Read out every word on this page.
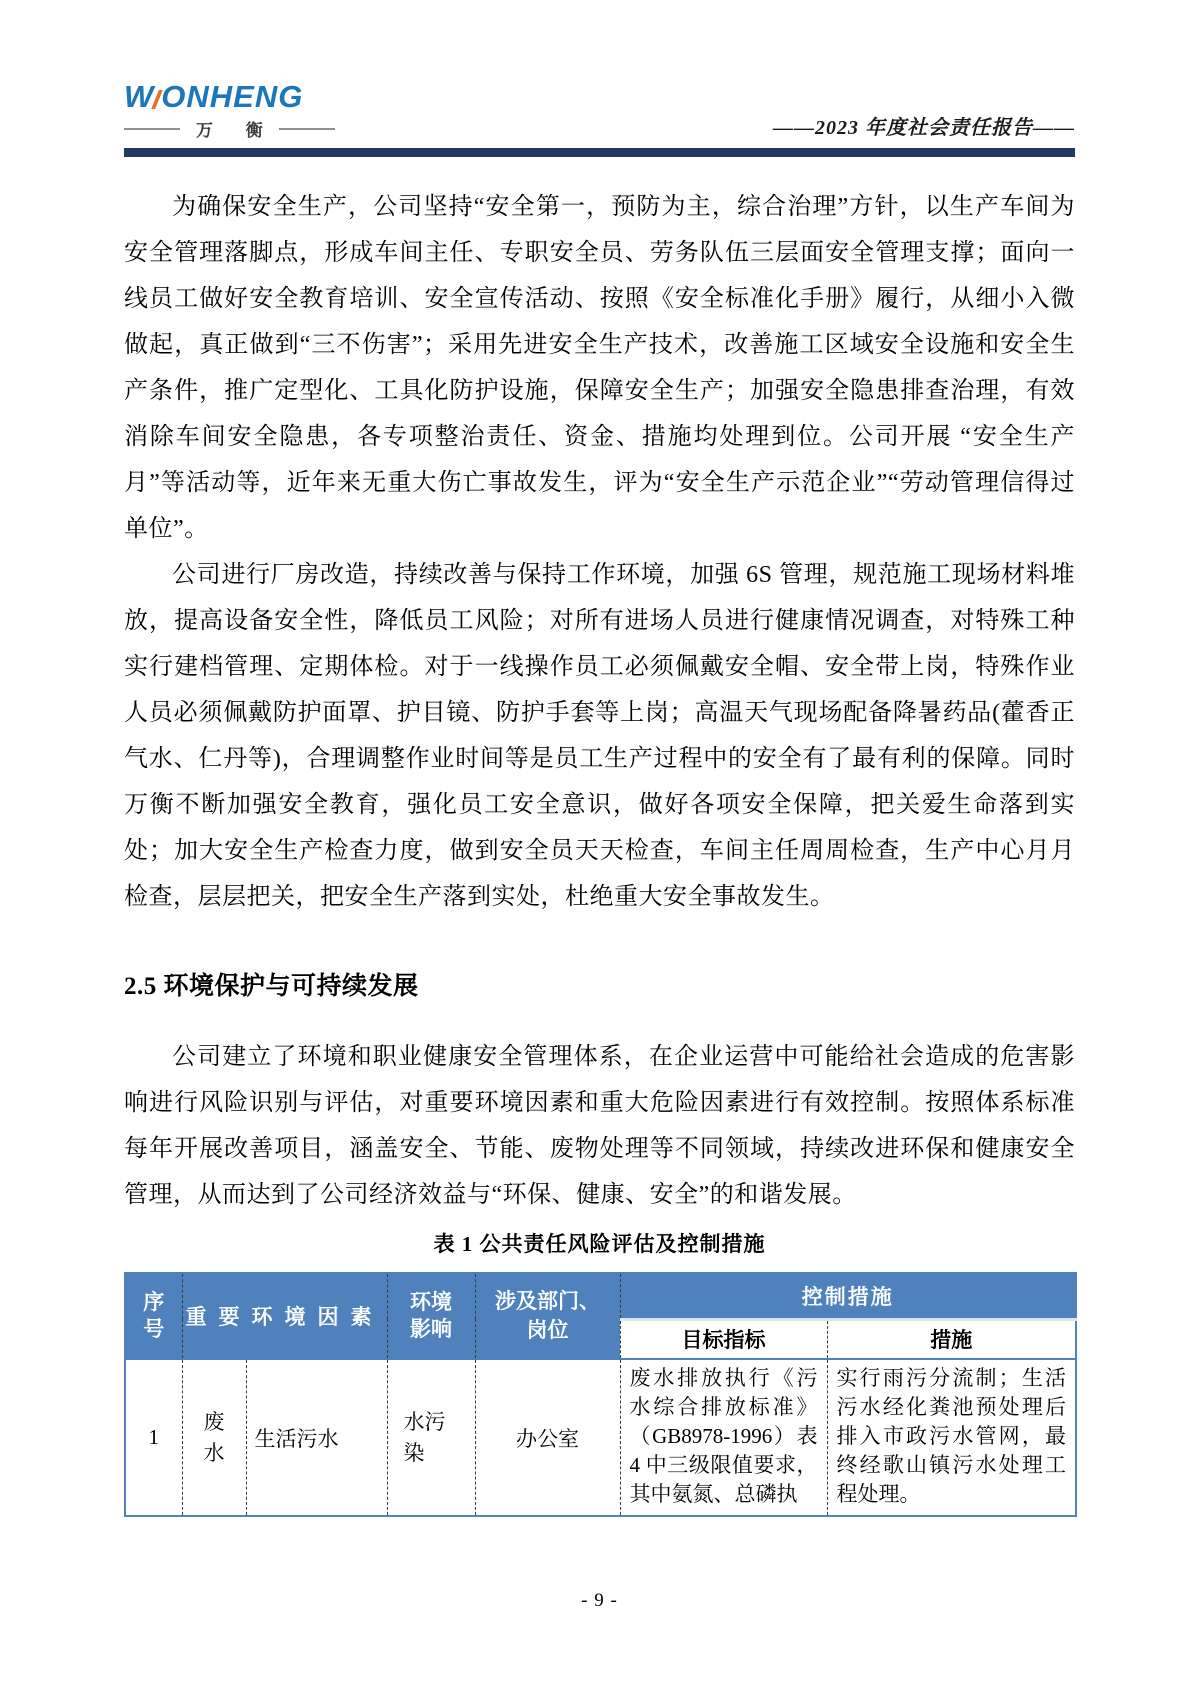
W ONHENG
万 衡	——2023 年度社会责任报告——

为确保安全生产，公司坚持“安全第一，预防为主，综合治理”方针，以生产车间为安全管理落脚点，形成车间主任、专职安全员、劳务队伍三层面安全管理支撑；面向一线员工做好安全教育培训、安全宣传活动、按照《安全标准化手册》履行，从细小入微做起，真正做到“三不伤害”；采用先进安全生产技术，改善施工区域安全设施和安全生产条件，推广定型化、工具化防护设施，保障安全生产；加强安全隐患排查治理，有效消除车间安全隐患，各专项整治责任、资金、措施均处理到位。公司开展 “安全生产月”等活动等，近年来无重大伤亡事故发生，评为“安全生产示范企业”“劳动管理信得过单位”。

公司进行厂房改造，持续改善与保持工作环境，加强 6S 管理，规范施工现场材料堆放，提高设备安全性，降低员工风险；对所有进场人员进行健康情况调查，对特殊工种实行建档管理、定期体检。对于一线操作员工必须佩戴安全帽、安全带上岗，特殊作业人员必须佩戴防护面罩、护目镜、防护手套等上岗；高温天气现场配备降暑药品(藿香正气水、仁丹等)，合理调整作业时间等是员工生产过程中的安全有了最有利的保障。同时万衡不断加强安全教育，强化员工安全意识，做好各项安全保障，把关爱生命落到实处；加大安全生产检查力度，做到安全员天天检查，车间主任周周检查，生产中心月月检查，层层把关，把安全生产落到实处，杜绝重大安全事故发生。

2.5 环境保护与可持续发展

公司建立了环境和职业健康安全管理体系，在企业运营中可能给社会造成的危害影响进行风险识别与评估，对重要环境因素和重大危险因素进行有效控制。按照体系标准每年开展改善项目，涵盖安全、节能、废物处理等不同领域，持续改进环保和健康安全管理，从而达到了公司经济效益与“环保、健康、安全”的和谐发展。

表 1 公共责任风险评估及控制措施
序号	重要环境因素		环境影响	涉及部门、岗位	控制措施	
					目标指标	措施
1	废水	生活污水	水污染	办公室	废水排放执行《污水综合排放标准》（GB8978-1996）表 4 中三级限值要求，其中氨氮、总磷执	实行雨污分流制；生活污水经化粪池预处理后排入市政污水管网，最终经歌山镇污水处理工程处理。
- 9 -
